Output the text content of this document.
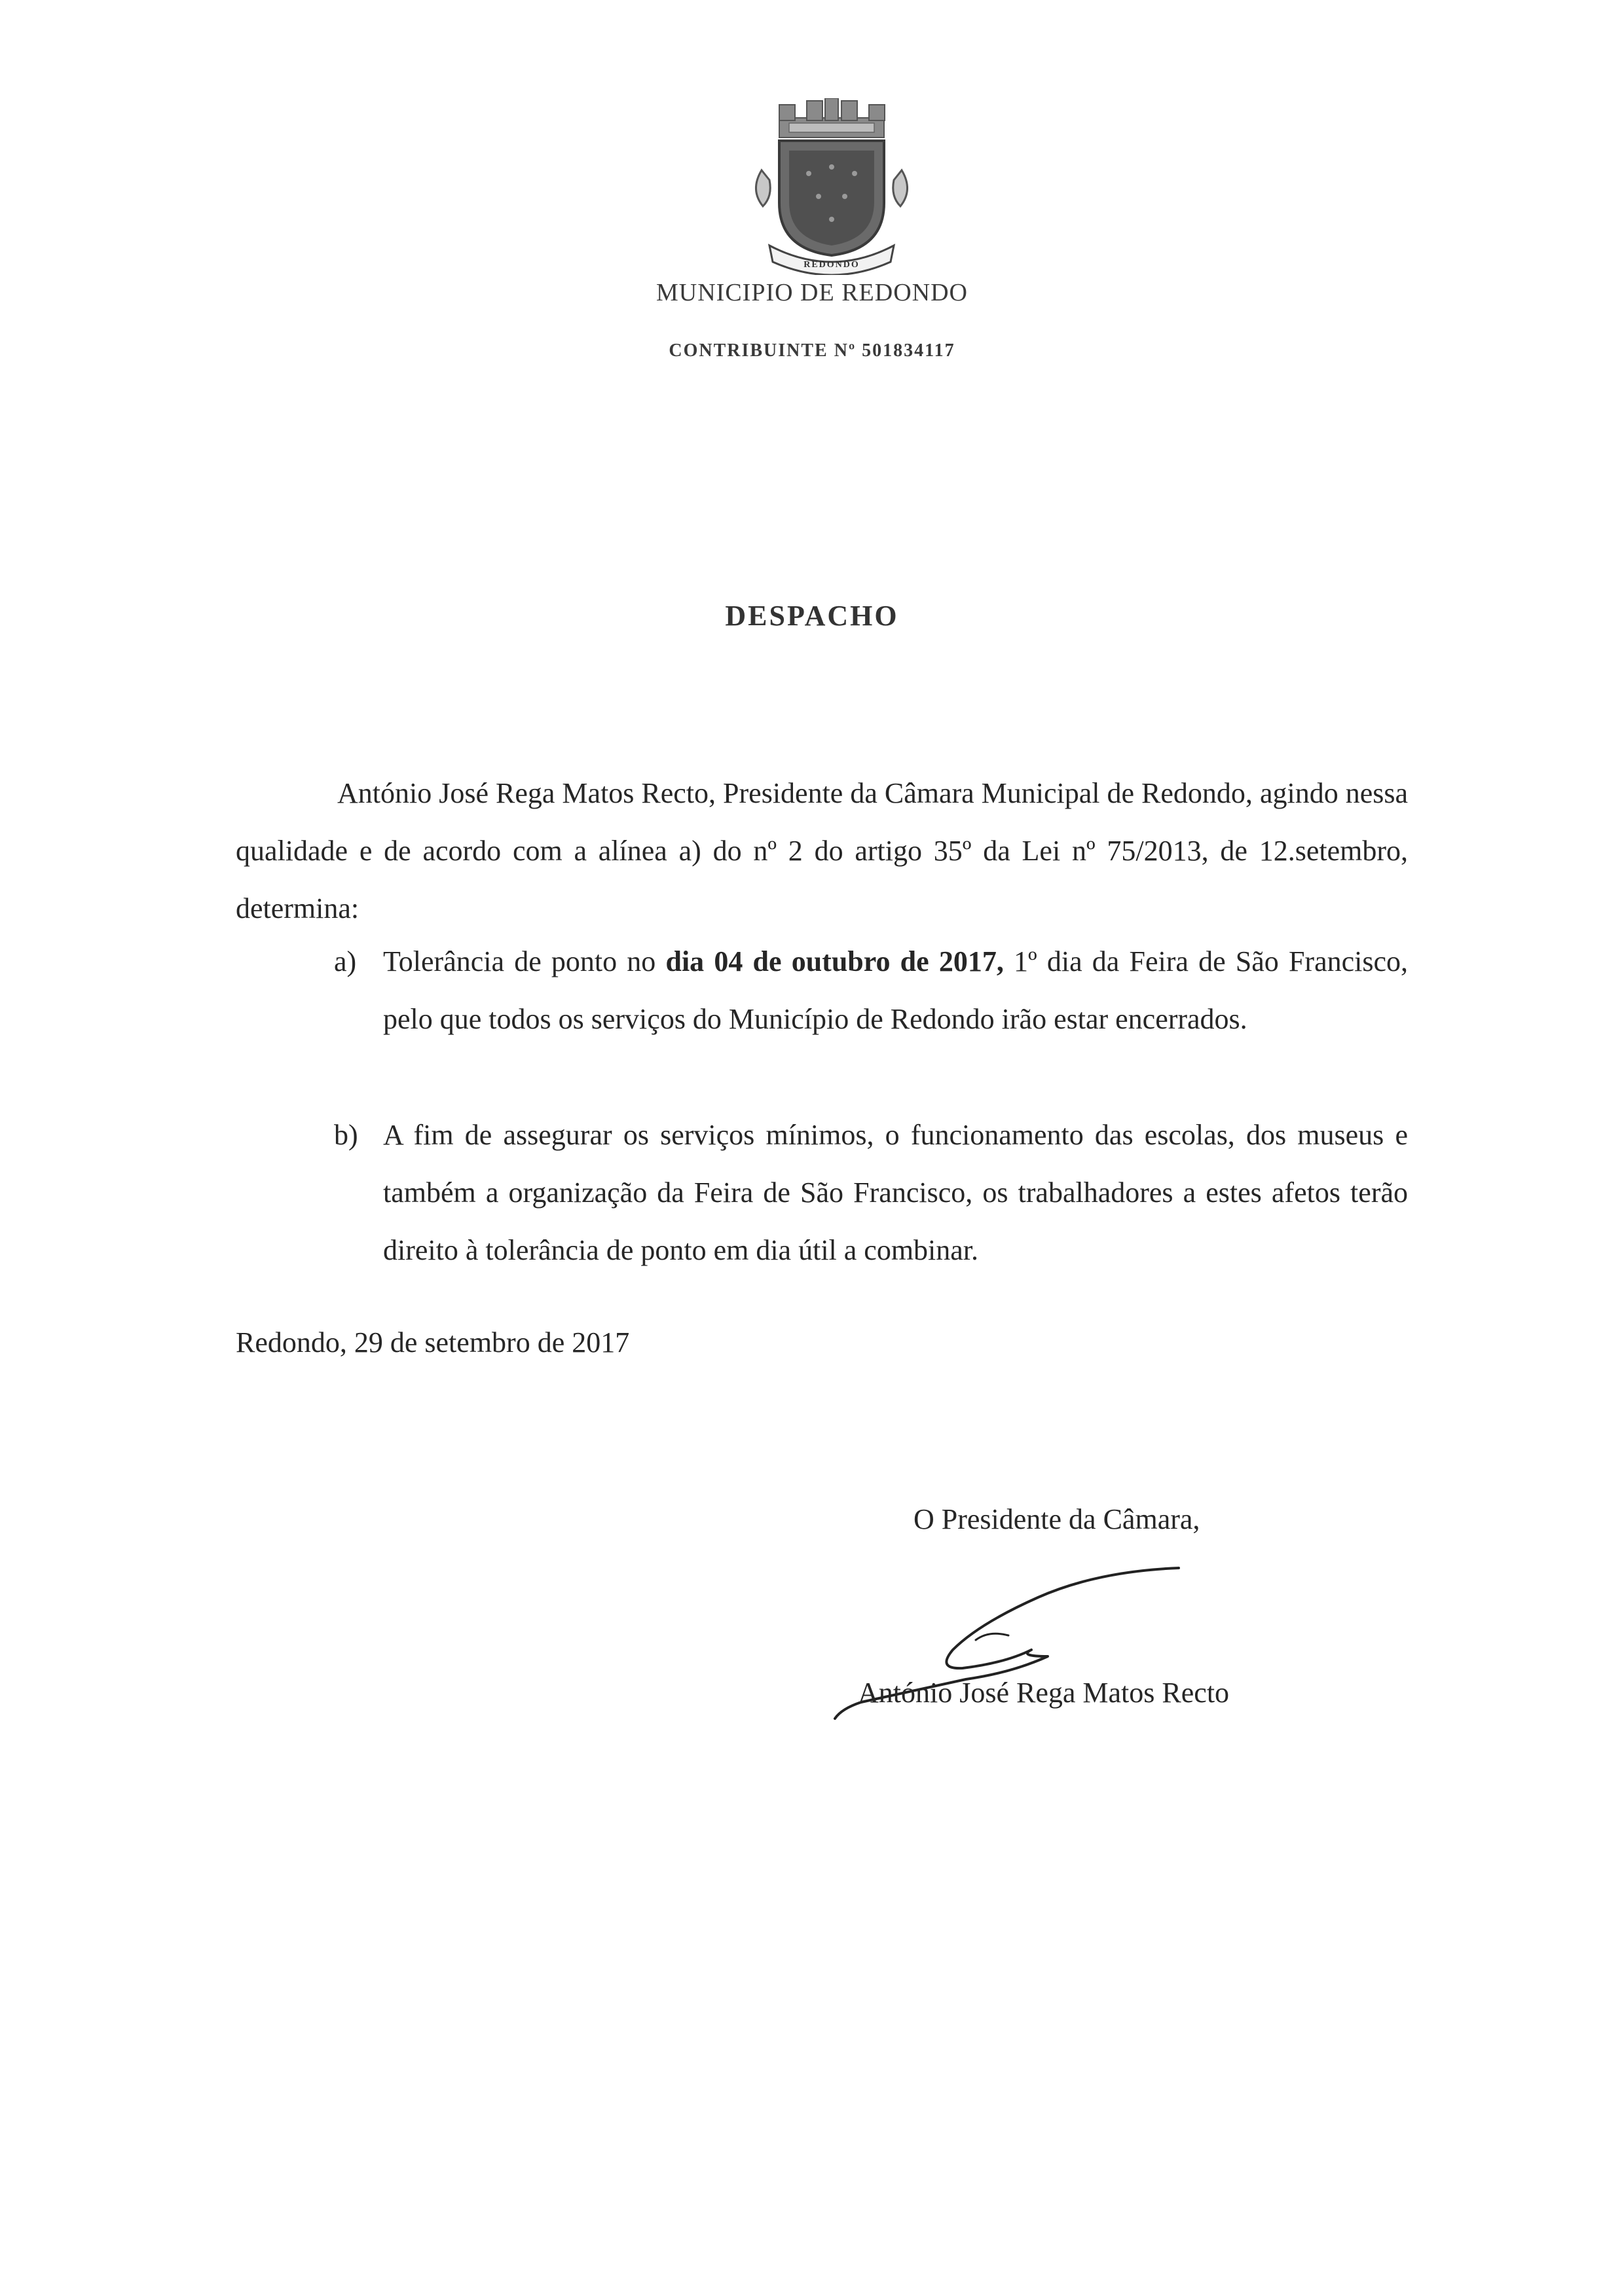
REDONDO
MUNICIPIO DE REDONDO
CONTRIBUINTE Nº 501834117
DESPACHO
António José Rega Matos Recto, Presidente da Câmara Municipal de Redondo, agindo nessa qualidade e de acordo com a alínea a) do nº 2 do artigo 35º da Lei nº 75/2013, de 12.setembro, determina:
a) Tolerância de ponto no dia 04 de outubro de 2017, 1º dia da Feira de São Francisco, pelo que todos os serviços do Município de Redondo irão estar encerrados.
b) A fim de assegurar os serviços mínimos, o funcionamento das escolas, dos museus e também a organização da Feira de São Francisco, os trabalhadores a estes afetos terão direito à tolerância de ponto em dia útil a combinar.
Redondo, 29 de setembro de 2017
O Presidente da Câmara,
António José Rega Matos Recto
